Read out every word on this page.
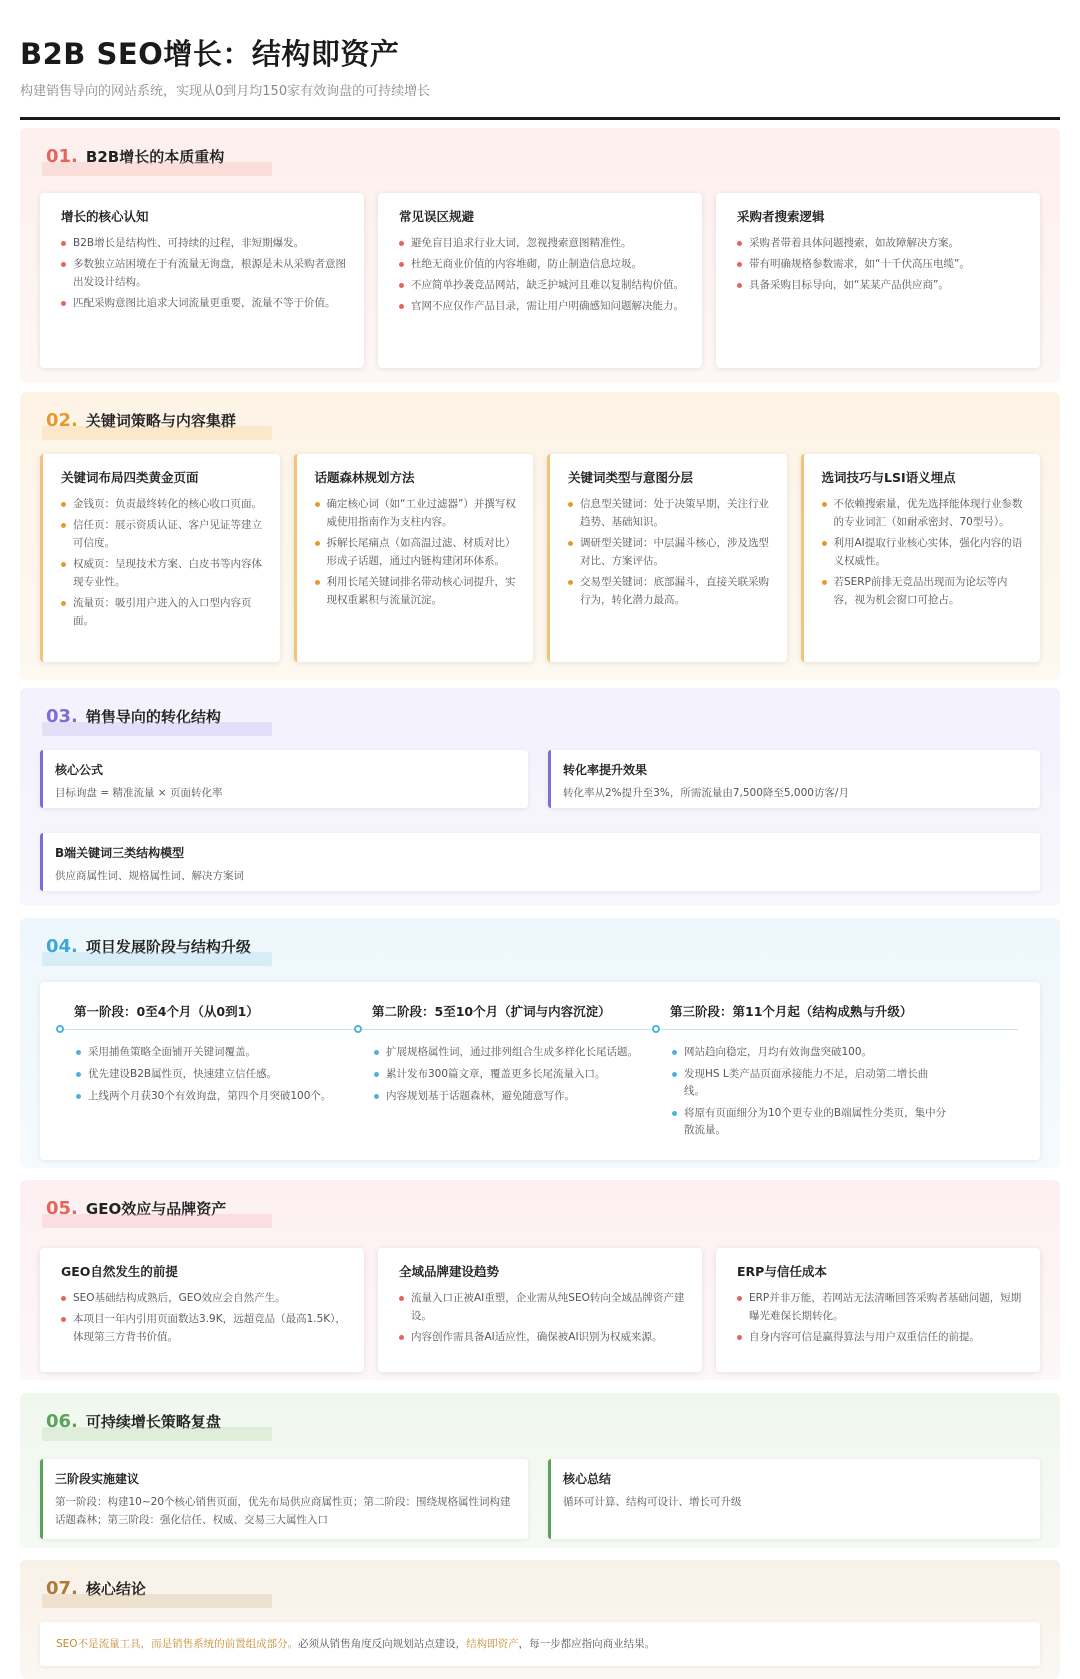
B2B SEO增长：结构即资产
构建销售导向的网站系统，实现从0到月均150家有效询盘的可持续增长
01. B2B增长的本质重构
增长的核心认知
B2B增长是结构性、可持续的过程，非短期爆发。
多数独立站困境在于有流量无询盘，根源是未从采购者意图出发设计结构。
匹配采购意图比追求大词流量更重要，流量不等于价值。
常见误区规避
避免盲目追求行业大词，忽视搜索意图精准性。
杜绝无商业价值的内容堆砌，防止制造信息垃圾。
不应简单抄袭竞品网站，缺乏护城河且难以复制结构价值。
官网不应仅作产品目录，需让用户明确感知问题解决能力。
采购者搜索逻辑
采购者带着具体问题搜索，如故障解决方案。
带有明确规格参数需求，如“十千伏高压电缆”。
具备采购目标导向，如“某某产品供应商”。
02. 关键词策略与内容集群
关键词布局四类黄金页面
金钱页：负责最终转化的核心收口页面。
信任页：展示资质认证、客户见证等建立可信度。
权威页：呈现技术方案、白皮书等内容体现专业性。
流量页：吸引用户进入的入口型内容页面。
话题森林规划方法
确定核心词（如“工业过滤器”）并撰写权威使用指南作为支柱内容。
拆解长尾痛点（如高温过滤、材质对比）形成子话题，通过内链构建闭环体系。
利用长尾关键词排名带动核心词提升，实现权重累积与流量沉淀。
关键词类型与意图分层
信息型关键词：处于决策早期，关注行业趋势、基础知识。
调研型关键词：中层漏斗核心，涉及选型对比、方案评估。
交易型关键词：底部漏斗，直接关联采购行为，转化潜力最高。
选词技巧与LSI语义埋点
不依赖搜索量，优先选择能体现行业参数的专业词汇（如耐承密封、70型号）。
利用AI提取行业核心实体，强化内容的语义权威性。
若SERP前排无竞品出现而为论坛等内容，视为机会窗口可抢占。
03. 销售导向的转化结构
核心公式

目标询盘 = 精准流量 × 页面转化率

转化率提升效果

转化率从2%提升至3%，所需流量由7,500降至5,000访客/月

B端关键词三类结构模型

供应商属性词、规格属性词、解决方案词

04. 项目发展阶段与结构升级
第一阶段：0至4个月（从0到1）
采用捕鱼策略全面铺开关键词覆盖。
优先建设B2B属性页，快速建立信任感。
上线两个月获30个有效询盘，第四个月突破100个。
第二阶段：5至10个月（扩词与内容沉淀）
扩展规格属性词，通过排列组合生成多样化长尾话题。
累计发布300篇文章，覆盖更多长尾流量入口。
内容规划基于话题森林，避免随意写作。
第三阶段：第11个月起（结构成熟与升级）
网站趋向稳定，月均有效询盘突破100。
发现HS L类产品页面承接能力不足，启动第二增长曲线。
将原有页面细分为10个更专业的B端属性分类页，集中分散流量。
05. GEO效应与品牌资产
GEO自然发生的前提
SEO基础结构成熟后，GEO效应会自然产生。
本项目一年内引用页面数达3.9K，远超竞品（最高1.5K），体现第三方背书价值。
全域品牌建设趋势
流量入口正被AI重塑，企业需从纯SEO转向全域品牌资产建设。
内容创作需具备AI适应性，确保被AI识别为权威来源。
ERP与信任成本
ERP并非万能，若网站无法清晰回答采购者基础问题，短期曝光难保长期转化。
自身内容可信是赢得算法与用户双重信任的前提。
06. 可持续增长策略复盘
三阶段实施建议

第一阶段：构建10~20个核心销售页面，优先布局供应商属性页；第二阶段：围绕规格属性词构建话题森林；第三阶段：强化信任、权威、交易三大属性入口

核心总结

循环可计算、结构可设计、增长可升级

07. 核心结论
SEO不是流量工具，而是销售系统的前置组成部分。必须从销售角度反向规划站点建设，结构即资产，每一步都应指向商业结果。
